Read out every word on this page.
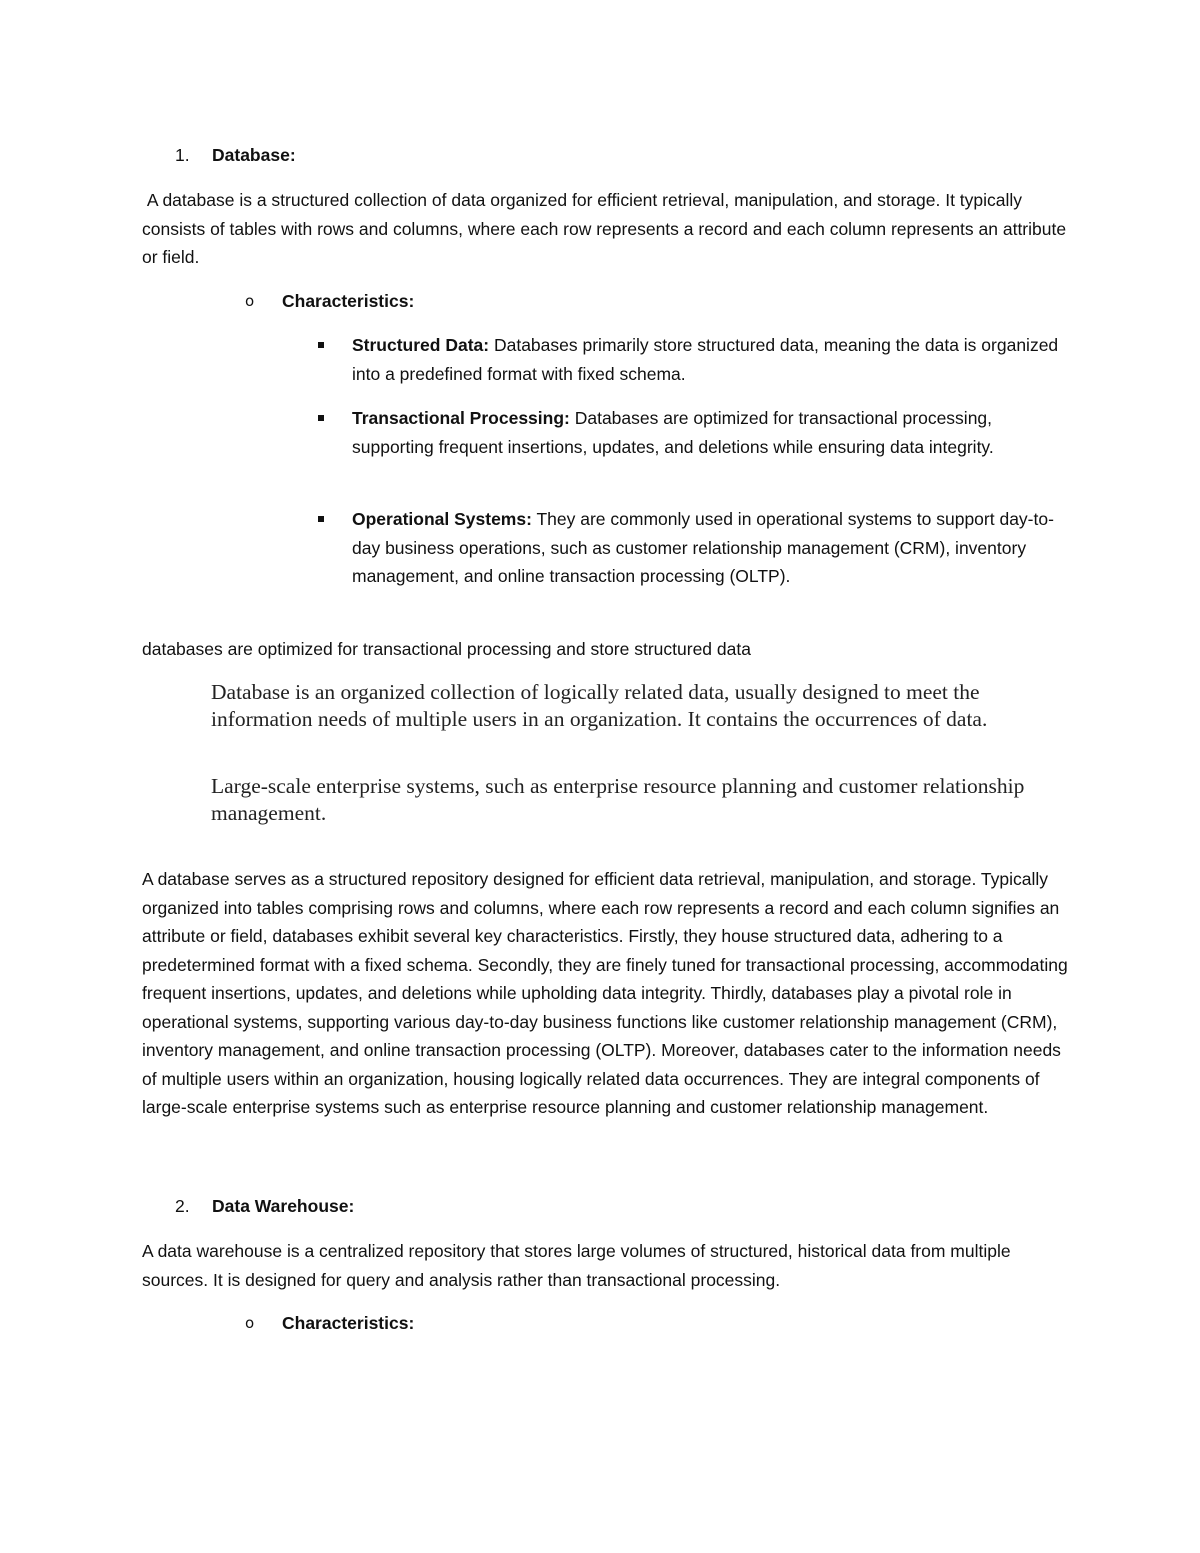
1. Database:

A database is a structured collection of data organized for efficient retrieval, manipulation, and storage. It typically consists of tables with rows and columns, where each row represents a record and each column represents an attribute or field.

o Characteristics:

Structured Data: Databases primarily store structured data, meaning the data is organized into a predefined format with fixed schema.

Transactional Processing: Databases are optimized for transactional processing, supporting frequent insertions, updates, and deletions while ensuring data integrity.

Operational Systems: They are commonly used in operational systems to support day-to-day business operations, such as customer relationship management (CRM), inventory management, and online transaction processing (OLTP).

databases are optimized for transactional processing and store structured data

Database is an organized collection of logically related data, usually designed to meet the information needs of multiple users in an organization. It contains the occurrences of data.

Large-scale enterprise systems, such as enterprise resource planning and customer relationship management.

A database serves as a structured repository designed for efficient data retrieval, manipulation, and storage. Typically organized into tables comprising rows and columns, where each row represents a record and each column signifies an attribute or field, databases exhibit several key characteristics. Firstly, they house structured data, adhering to a predetermined format with a fixed schema. Secondly, they are finely tuned for transactional processing, accommodating frequent insertions, updates, and deletions while upholding data integrity. Thirdly, databases play a pivotal role in operational systems, supporting various day-to-day business functions like customer relationship management (CRM), inventory management, and online transaction processing (OLTP). Moreover, databases cater to the information needs of multiple users within an organization, housing logically related data occurrences. They are integral components of large-scale enterprise systems such as enterprise resource planning and customer relationship management.

2. Data Warehouse:

A data warehouse is a centralized repository that stores large volumes of structured, historical data from multiple sources. It is designed for query and analysis rather than transactional processing.

o Characteristics:
